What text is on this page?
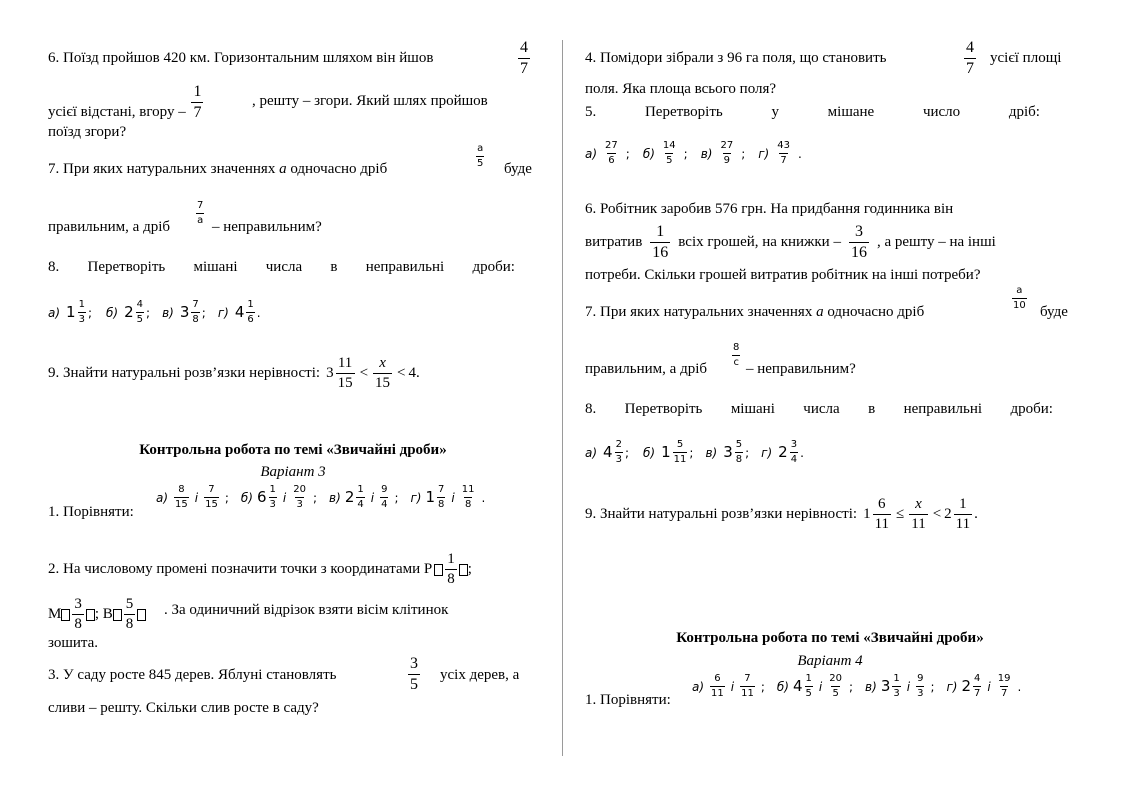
6. Поїзд пройшов 420 км. Горизонтальним шляхом він йшов	$\frac{4}{7}$
усієї відстані, вгору – $\frac{1}{7}$	, решту – згори. Який шлях пройшов
поїзд згори?
7. При яких натуральних значеннях a одночасно дріб	$\frac{a}{5}$ буде
правильним, а дріб
$\frac{7}{a}$
– неправильним?
8. Перетворіть мішані числа в неправильні дроби:
а) $1 \frac{1}{3}$ ; б) $2 \frac{4}{5}$ ; в) $3 \frac{7}{8}$ ; г) $4 \frac{1}{6}$ .
9. Знайти натуральні розв’язки нерівності: $3 \frac{11}{15} < \frac{x}{15} < 4$.
Контрольна робота по темі «Звичайні дроби»
Варіант 3
1. Порівняти:
$а) \frac{8}{15}$ і $\frac{7}{15}$ ; б) $6 \frac{1}{3}$ і $\frac{20}{3}$ ; в) $2 \frac{1}{4}$ і $\frac{9}{4}$ ; г) $1 \frac{7}{8}$ і $\frac{11}{8}$ .
2. На числовому промені позначити точки з координатами P $\frac{1}{8}$ ;
M $\frac{3}{8}$ ; B $\frac{5}{8}$ . За одиничний відрізок взяти вісім клітинок
зошита.
3. У саду росте 845 дерев. Яблуні становлять	$\frac{3}{5}$ усіх дерев, а
сливи – решту. Скільки слив росте в саду?
4. Помідори зібрали з 96 га поля, що становить	$\frac{4}{7}$ усієї площі
поля. Яка площа всього поля?
5.	Перетворіть	у	мішане	число	дріб:
$а) \frac{27}{6}$ ; $б) \frac{14}{5}$ ; $в) \frac{27}{9}$ ; $г) \frac{43}{7}$ .
6. Робітник заробив 576 грн. На придбання годинника він
витратив $\frac{1}{16}$ всіх грошей, на книжки – $\frac{3}{16}$ , а решту – на інші
потреби. Скільки грошей витратив робітник на інші потреби?
7. При яких натуральних значеннях a одночасно дріб
$\frac{a}{10}$
буде
правильним, а дріб
$\frac{8}{c}$
– неправильним?
8. Перетворіть мішані числа в неправильні дроби:
а) $4 \frac{2}{3}$ ; б) $1 \frac{5}{11}$ ; в) $3 \frac{5}{8}$ ; г) $2 \frac{3}{4}$ .
9. Знайти натуральні розв’язки нерівності: $1 \frac{6}{11} \le \frac{x}{11} < 2 \frac{1}{11}$ .
Контрольна робота по темі «Звичайні дроби»
Варіант 4
1. Порівняти:
$а) \frac{6}{11}$ і $\frac{7}{11}$ ; б) $4 \frac{1}{5}$ і $\frac{20}{5}$ ; в) $3 \frac{1}{3}$ і $\frac{9}{3}$ ; г) $2 \frac{4}{7}$ і $\frac{19}{7}$ .
